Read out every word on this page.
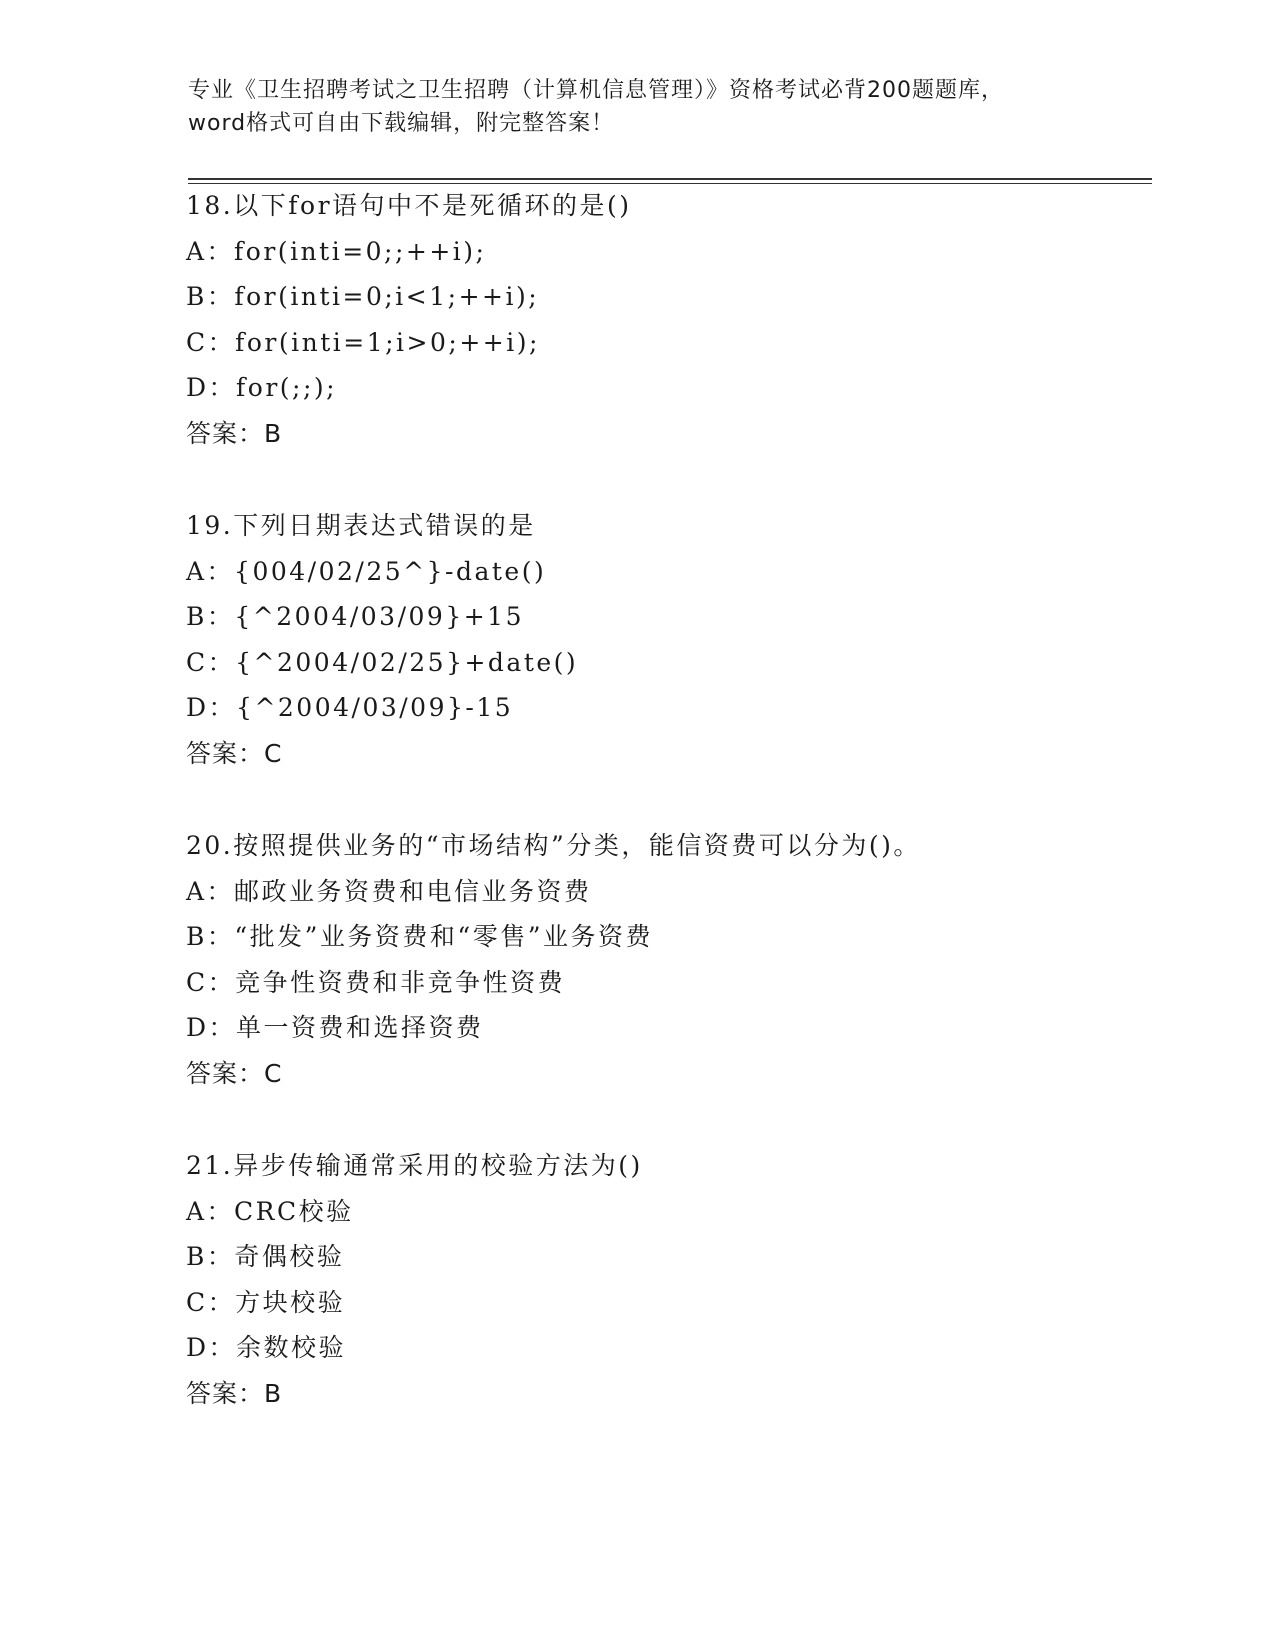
专业《卫生招聘考试之卫生招聘（计算机信息管理）》资格考试必背200题题库，
word格式可自由下载编辑，附完整答案！
18.以下for语句中不是死循环的是()
A：for(inti=0;;++i);
B：for(inti=0;i<1;++i);
C：for(inti=1;i>0;++i);
D：for(;;);
答案：B
19.下列日期表达式错误的是
A：{004/02/25^}-date()
B：{^2004/03/09}+15
C：{^2004/02/25}+date()
D：{^2004/03/09}-15
答案：C
20.按照提供业务的“市场结构”分类，能信资费可以分为()。
A：邮政业务资费和电信业务资费
B：“批发”业务资费和“零售”业务资费
C：竞争性资费和非竞争性资费
D：单一资费和选择资费
答案：C
21.异步传输通常采用的校验方法为()
A：CRC校验
B：奇偶校验
C：方块校验
D：余数校验
答案：B
